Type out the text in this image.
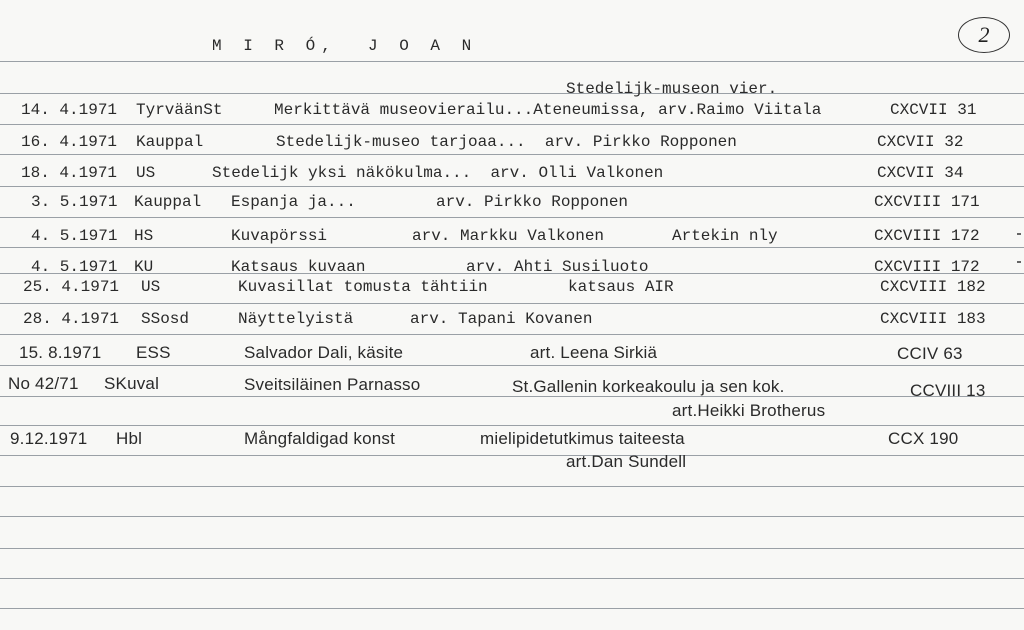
M I R Ó,  J O A N	2
Stedelijk-museon vier.
14. 4.1971 TyrväänSt	Merkittävä museovierailu...Ateneumissa, arv.Raimo Viitala	CXCVII 31
16. 4.1971 Kauppal	Stedelijk-museo tarjoaa...  arv. Pirkko Ropponen	CXCVII 32
18. 4.1971 US	Stedelijk yksi näkökulma...  arv. Olli Valkonen	CXCVII 34
3. 5.1971 Kauppal Espanja ja...	arv. Pirkko Ropponen	CXCVIII 171
4. 5.1971 HS	Kuvapörssi	arv. Markku Valkonen	Artekin nly	CXCVIII 172
4. 5.1971 KU	Katsaus kuvaan	arv. Ahti Susiluoto	CXCVIII 172
25. 4.1971 US	Kuvasillat tomusta tähtiin	katsaus AIR	CXCVIII 182
28. 4.1971 SSosd	Näyttelyistä	arv. Tapani Kovanen	CXCVIII 183
15. 8.1971 ESS	Salvador Dali, käsite	art. Leena Sirkiä	CCIV 63
No 42/71 SKuval	Sveitsiläinen Parnasso	St.Gallenin korkeakoulu ja sen kok.	CCVIII 13
art.Heikki Brotherus
9.12.1971 Hbl	Mångfaldigad konst	mielipidetutkimus taiteesta	CCX 190
art.Dan Sundell
